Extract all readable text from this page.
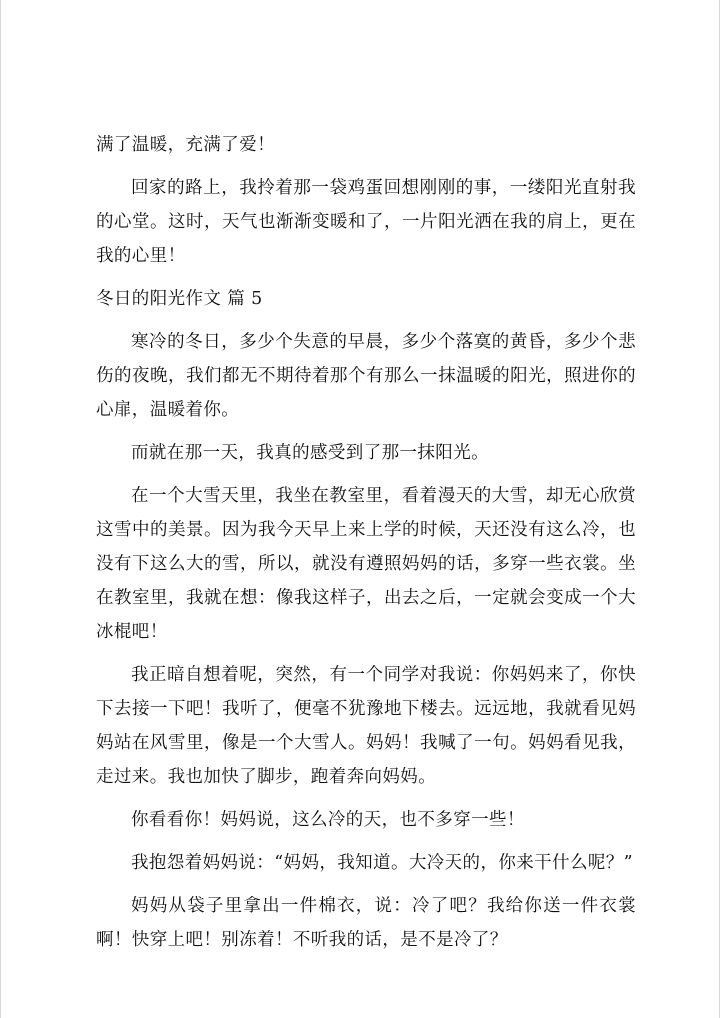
满了温暖，充满了爱！

回家的路上，我拎着那一袋鸡蛋回想刚刚的事，一缕阳光直射我的心堂。这时，天气也渐渐变暖和了，一片阳光洒在我的肩上，更在我的心里！

冬日的阳光作文 篇 5

寒冷的冬日，多少个失意的早晨，多少个落寞的黄昏，多少个悲伤的夜晚，我们都无不期待着那个有那么一抹温暖的阳光，照进你的心扉，温暖着你。

而就在那一天，我真的感受到了那一抹阳光。

在一个大雪天里，我坐在教室里，看着漫天的大雪，却无心欣赏这雪中的美景。因为我今天早上来上学的时候，天还没有这么冷，也没有下这么大的雪，所以，就没有遵照妈妈的话，多穿一些衣裳。坐在教室里，我就在想：像我这样子，出去之后，一定就会变成一个大冰棍吧！

我正暗自想着呢，突然，有一个同学对我说：你妈妈来了，你快下去接一下吧！我听了，便毫不犹豫地下楼去。远远地，我就看见妈妈站在风雪里，像是一个大雪人。妈妈！我喊了一句。妈妈看见我，走过来。我也加快了脚步，跑着奔向妈妈。

你看看你！妈妈说，这么冷的天，也不多穿一些！

我抱怨着妈妈说：“妈妈，我知道。大冷天的，你来干什么呢？”

妈妈从袋子里拿出一件棉衣，说：冷了吧？我给你送一件衣裳啊！快穿上吧！别冻着！不听我的话，是不是冷了？
